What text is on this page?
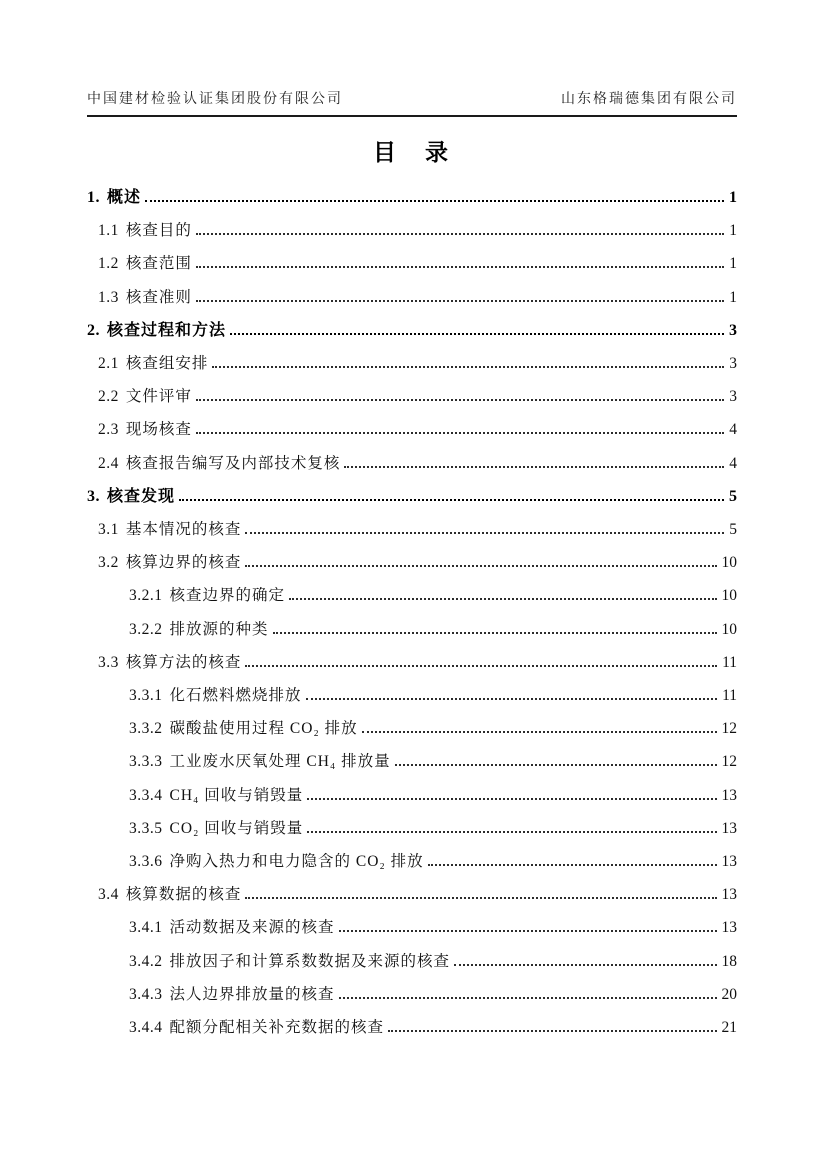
中国建材检验认证集团股份有限公司	山东格瑞德集团有限公司
目　录
1. 概述	1
1.1 核查目的	1
1.2 核查范围	1
1.3 核查准则	1
2. 核查过程和方法	3
2.1 核查组安排	3
2.2 文件评审	3
2.3 现场核查	4
2.4 核查报告编写及内部技术复核	4
3. 核查发现	5
3.1 基本情况的核查	5
3.2 核算边界的核查	10
3.2.1 核查边界的确定	10
3.2.2 排放源的种类	10
3.3 核算方法的核查	11
3.3.1 化石燃料燃烧排放	11
3.3.2 碳酸盐使用过程 CO₂ 排放	12
3.3.3 工业废水厌氧处理 CH₄ 排放量	12
3.3.4 CH₄ 回收与销毁量	13
3.3.5 CO₂ 回收与销毁量	13
3.3.6 净购入热力和电力隐含的 CO₂ 排放	13
3.4 核算数据的核查	13
3.4.1 活动数据及来源的核查	13
3.4.2 排放因子和计算系数数据及来源的核查	18
3.4.3 法人边界排放量的核查	20
3.4.4 配额分配相关补充数据的核查	21
